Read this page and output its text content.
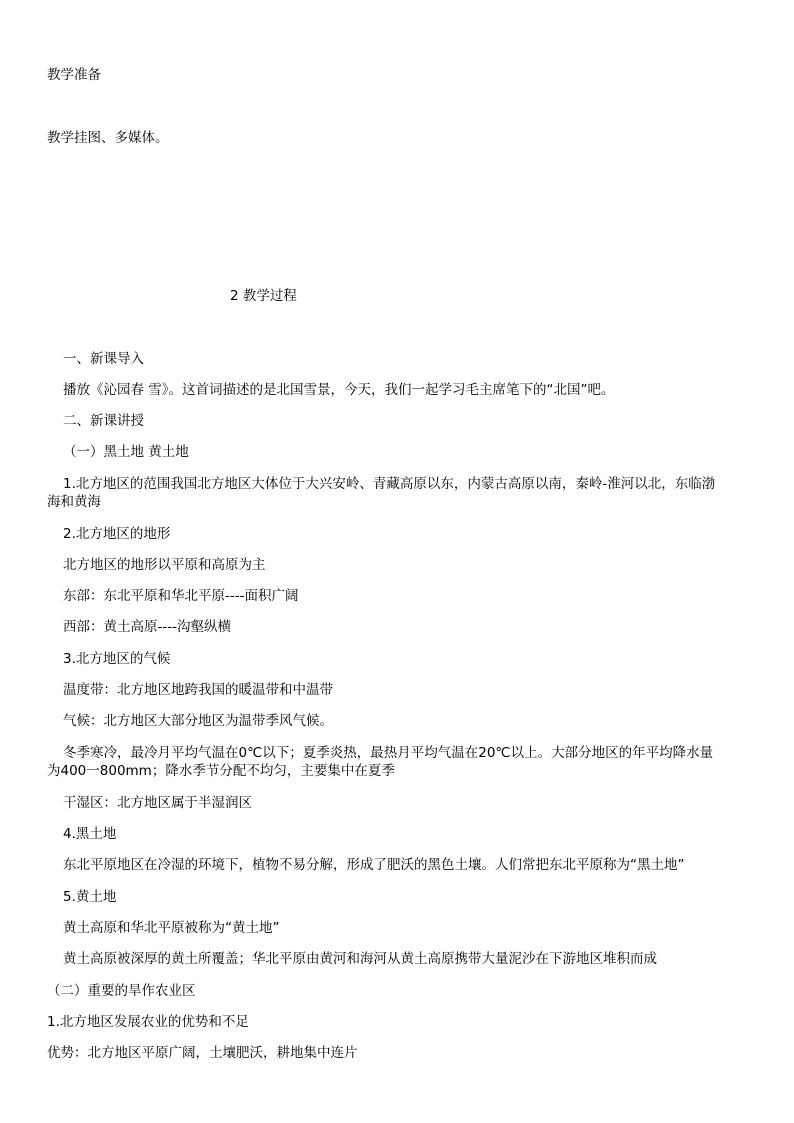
教学准备
教学挂图、多媒体。
2 教学过程
一、新课导入
播放《沁园春 雪》。这首词描述的是北国雪景，今天，我们一起学习毛主席笔下的“北国”吧。
二、新课讲授
（一）黑土地 黄土地
1.北方地区的范围我国北方地区大体位于大兴安岭、青藏高原以东，内蒙古高原以南，秦岭-淮河以北，东临渤
海和黄海
2.北方地区的地形
北方地区的地形以平原和高原为主
东部：东北平原和华北平原----面积广阔
西部：黄土高原----沟壑纵横
3.北方地区的气候
温度带：北方地区地跨我国的暖温带和中温带
气候：北方地区大部分地区为温带季风气候。
冬季寒冷，最冷月平均气温在0℃以下；夏季炎热，最热月平均气温在20℃以上。大部分地区的年平均降水量
为400一800mm；降水季节分配不均匀，主要集中在夏季
干湿区：北方地区属于半湿润区
4.黑土地
东北平原地区在冷湿的环境下，植物不易分解，形成了肥沃的黑色土壤。人们常把东北平原称为“黑土地”
5.黄土地
黄土高原和华北平原被称为“黄土地”
黄土高原被深厚的黄土所覆盖；华北平原由黄河和海河从黄土高原携带大量泥沙在下游地区堆积而成
（二）重要的旱作农业区
1.北方地区发展农业的优势和不足
优势：北方地区平原广阔，土壤肥沃，耕地集中连片
